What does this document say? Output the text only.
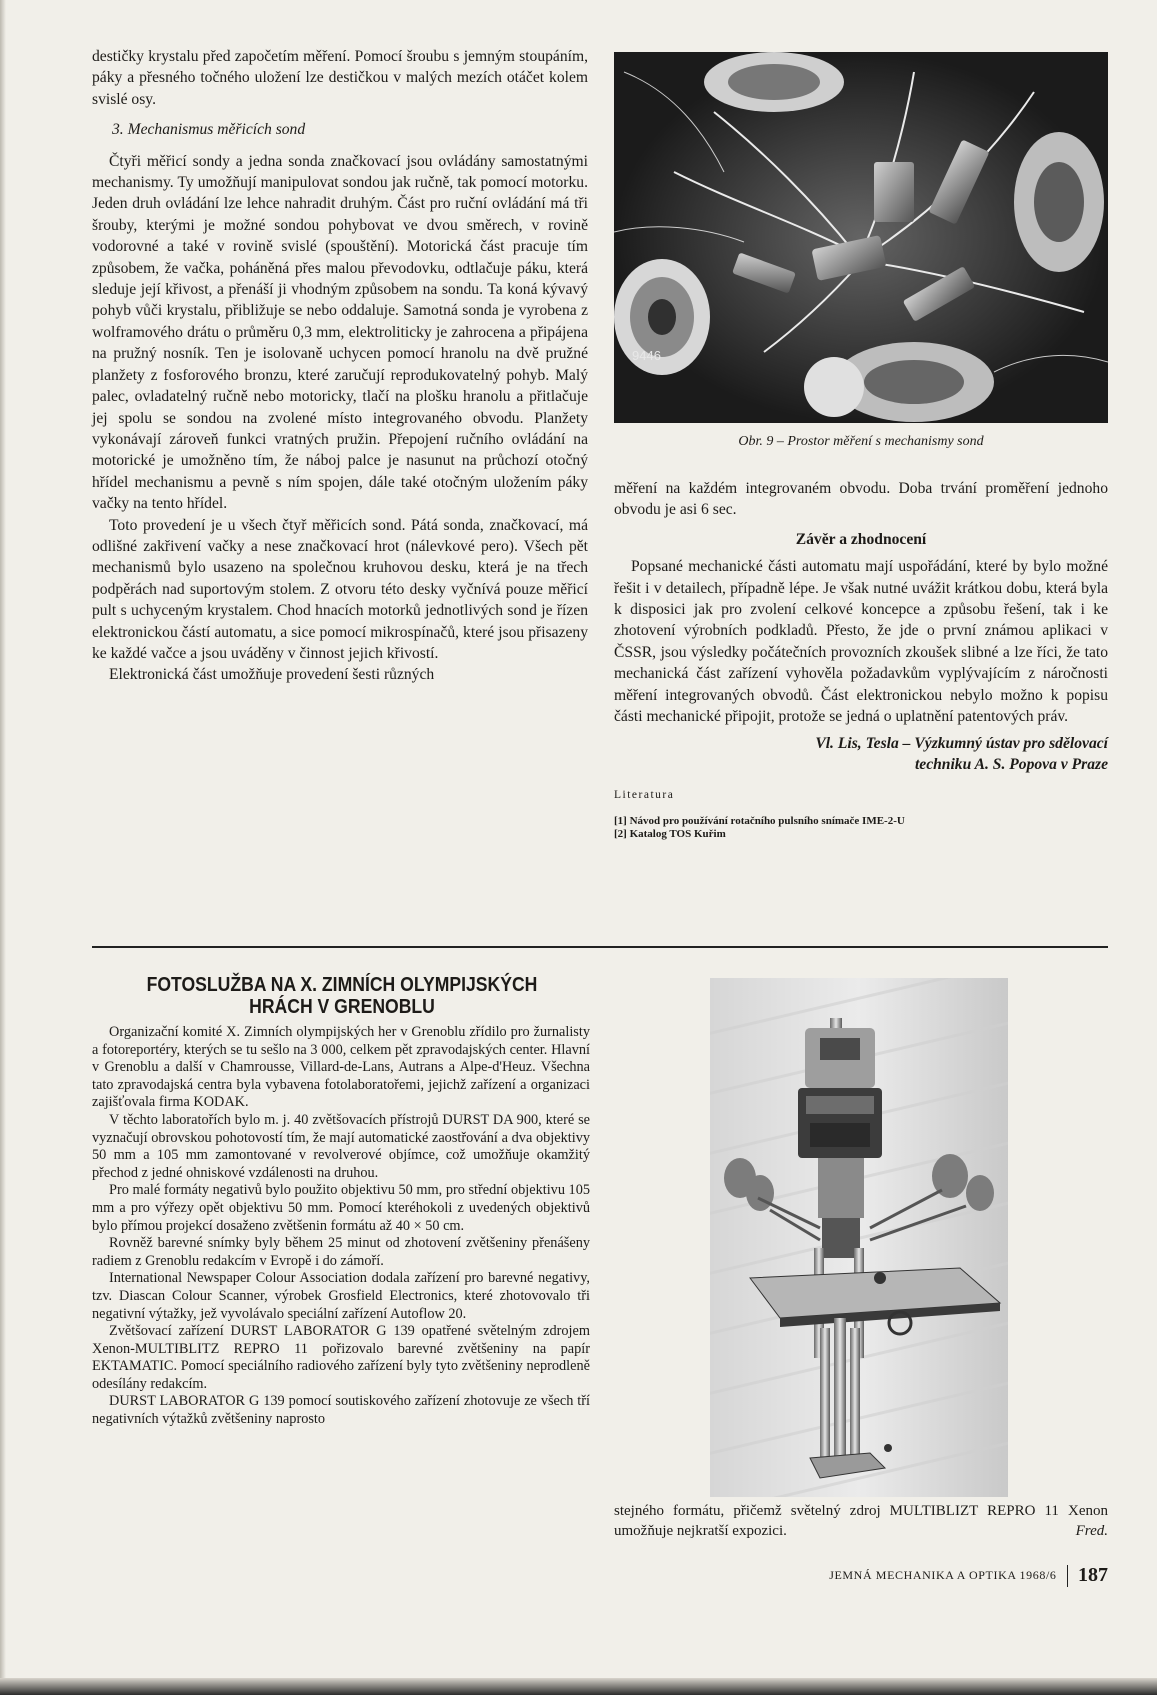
destičky krystalu před započetím měření. Pomocí šroubu s jemným stoupáním, páky a přesného točného uložení lze destičkou v malých mezích otáčet kolem svislé osy.

3. Mechanismus měřicích sond

Čtyři měřicí sondy a jedna sonda značkovací jsou ovládány samostatnými mechanismy. Ty umožňují manipulovat sondou jak ručně, tak pomocí motorku. Jeden druh ovládání lze lehce nahradit druhým. Část pro ruční ovládání má tři šrouby, kterými je možné sondou pohybovat ve dvou směrech, v rovině vodorovné a také v rovině svislé (spouštění). Motorická část pracuje tím způsobem, že vačka, poháněná přes malou převodovku, odtlačuje páku, která sleduje její křivost, a přenáší ji vhodným způsobem na sondu. Ta koná kývavý pohyb vůči krystalu, přibližuje se nebo oddaluje. Samotná sonda je vyrobena z wolframového drátu o průměru 0,3 mm, elektroliticky je zahrocena a připájena na pružný nosník. Ten je isolovaně uchycen pomocí hranolu na dvě pružné planžety z fosforového bronzu, které zaručují reprodukovatelný pohyb. Malý palec, ovladatelný ručně nebo motoricky, tlačí na plošku hranolu a přitlačuje jej spolu se sondou na zvolené místo integrovaného obvodu. Planžety vykonávají zároveň funkci vratných pružin. Přepojení ručního ovládání na motorické je umožněno tím, že náboj palce je nasunut na průchozí otočný hřídel mechanismu a pevně s ním spojen, dále také otočným uložením páky vačky na tento hřídel.

Toto provedení je u všech čtyř měřicích sond. Pátá sonda, značkovací, má odlišné zakřivení vačky a nese značkovací hrot (nálevkové pero). Všech pět mechanismů bylo usazeno na společnou kruhovou desku, která je na třech podpěrách nad suportovým stolem. Z otvoru této desky vyčnívá pouze měřicí pult s uchyceným krystalem. Chod hnacích motorků jednotlivých sond je řízen elektronickou částí automatu, a sice pomocí mikrospínačů, které jsou přisazeny ke každé vačce a jsou uváděny v činnost jejich křivostí.

Elektronická část umožňuje provedení šesti různých

9446
Obr. 9 – Prostor měření s mechanismy sond

měření na každém integrovaném obvodu. Doba trvání proměření jednoho obvodu je asi 6 sec.

Závěr a zhodnocení

Popsané mechanické části automatu mají uspořádání, které by bylo možné řešit i v detailech, případně lépe. Je však nutné uvážit krátkou dobu, která byla k disposici jak pro zvolení celkové koncepce a způsobu řešení, tak i ke zhotovení výrobních podkladů. Přesto, že jde o první známou aplikaci v ČSSR, jsou výsledky počátečních provozních zkoušek slibné a lze říci, že tato mechanická část zařízení vyhověla požadavkům vyplývajícím z náročnosti měření integrovaných obvodů. Část elektronickou nebylo možno k popisu části mechanické připojit, protože se jedná o uplatnění patentových práv.

Vl. Lis, Tesla – Výzkumný ústav pro sdělovací
techniku A. S. Popova v Praze
Literatura
[1] Návod pro používání rotačního pulsního snímače IME-2-U
[2] Katalog TOS Kuřim
FOTOSLUŽBA NA X. ZIMNÍCH OLYMPIJSKÝCH
HRÁCH V GRENOBLU

Organizační komité X. Zimních olympijských her v Grenoblu zřídilo pro žurnalisty a fotoreportéry, kterých se tu sešlo na 3 000, celkem pět zpravodajských center. Hlavní v Grenoblu a další v Chamrousse, Villard-de-Lans, Autrans a Alpe-d'Heuz. Všechna tato zpravodajská centra byla vybavena fotolaboratořemi, jejichž zařízení a organizaci zajišťovala firma KODAK.

V těchto laboratořích bylo m. j. 40 zvětšovacích přístrojů DURST DA 900, které se vyznačují obrovskou pohotovostí tím, že mají automatické zaostřování a dva objektivy 50 mm a 105 mm zamontované v revolverové objímce, což umožňuje okamžitý přechod z jedné ohniskové vzdálenosti na druhou.

Pro malé formáty negativů bylo použito objektivu 50 mm, pro střední objektivu 105 mm a pro výřezy opět objektivu 50 mm. Pomocí kteréhokoli z uvedených objektivů bylo přímou projekcí dosaženo zvětšenin formátu až 40 × 50 cm.

Rovněž barevné snímky byly během 25 minut od zhotovení zvětšeniny přenášeny radiem z Grenoblu redakcím v Evropě i do zámoří.

International Newspaper Colour Association dodala zařízení pro barevné negativy, tzv. Diascan Colour Scanner, výrobek Grosfield Electronics, které zhotovovalo tři negativní výtažky, jež vyvolávalo speciální zařízení Autoflow 20.

Zvětšovací zařízení DURST LABORATOR G 139 opatřené světelným zdrojem Xenon-MULTIBLITZ REPRO 11 pořizovalo barevné zvětšeniny na papír EKTAMATIC. Pomocí speciálního radiového zařízení byly tyto zvětšeniny neprodleně odesílány redakcím.

DURST LABORATOR G 139 pomocí soutiskového zařízení zhotovuje ze všech tří negativních výtažků zvětšeniny naprosto

stejného formátu, přičemž světelný zdroj MULTIBLIZT REPRO 11 Xenon umožňuje nejkratší expozici.	Fred.
JEMNÁ MECHANIKA A OPTIKA 1968/6 187
